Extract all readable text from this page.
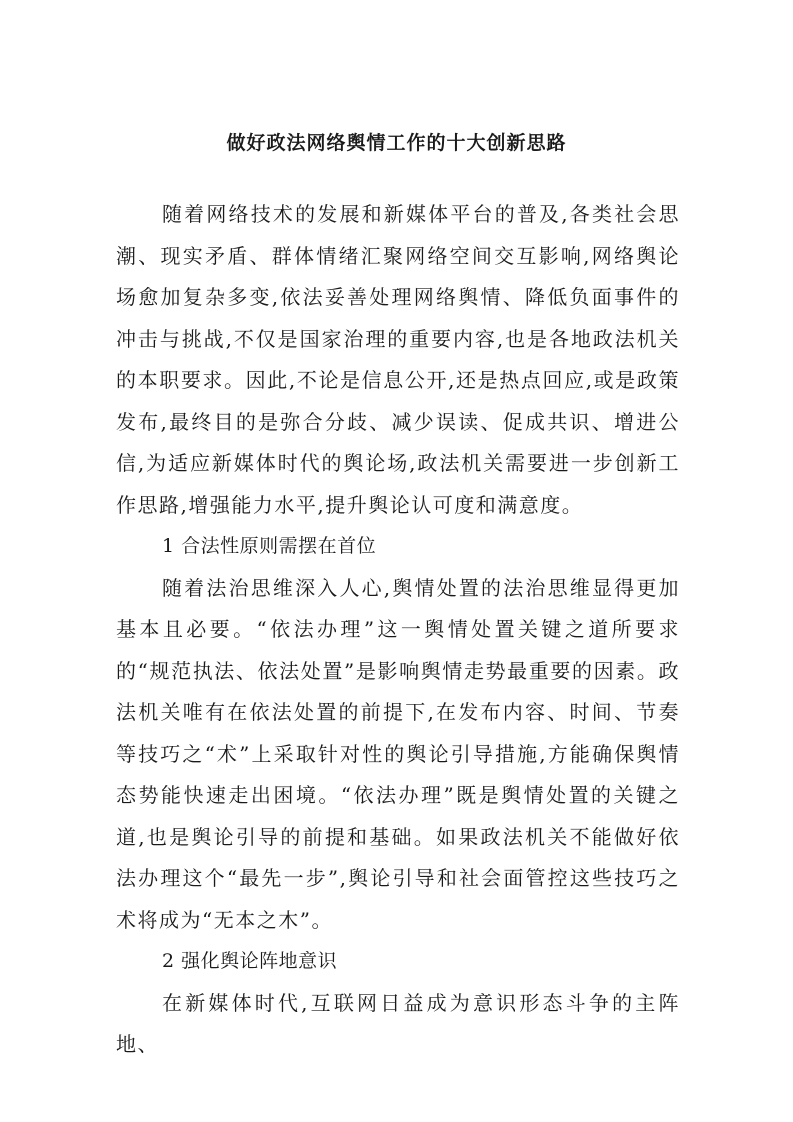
做好政法网络舆情工作的十大创新思路

随着网络技术的发展和新媒体平台的普及,各类社会思潮、现实矛盾、群体情绪汇聚网络空间交互影响,网络舆论场愈加复杂多变,依法妥善处理网络舆情、降低负面事件的冲击与挑战,不仅是国家治理的重要内容,也是各地政法机关的本职要求。因此,不论是信息公开,还是热点回应,或是政策发布,最终目的是弥合分歧、减少误读、促成共识、增进公信,为适应新媒体时代的舆论场,政法机关需要进一步创新工作思路,增强能力水平,提升舆论认可度和满意度。

1 合法性原则需摆在首位

随着法治思维深入人心,舆情处置的法治思维显得更加基本且必要。“依法办理”这一舆情处置关键之道所要求的“规范执法、依法处置”是影响舆情走势最重要的因素。政法机关唯有在依法处置的前提下,在发布内容、时间、节奏等技巧之“术”上采取针对性的舆论引导措施,方能确保舆情态势能快速走出困境。“依法办理”既是舆情处置的关键之道,也是舆论引导的前提和基础。如果政法机关不能做好依法办理这个“最先一步”,舆论引导和社会面管控这些技巧之术将成为“无本之木”。

2 强化舆论阵地意识

在新媒体时代,互联网日益成为意识形态斗争的主阵地、
